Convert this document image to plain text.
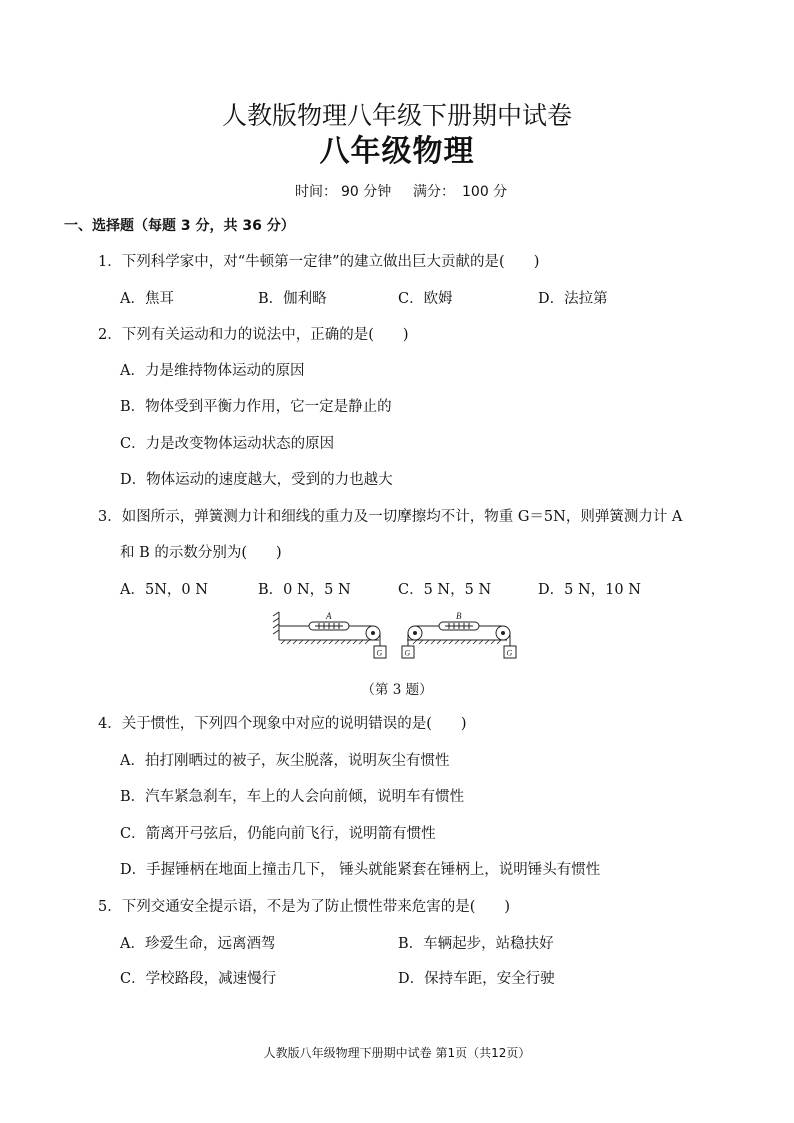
人教版物理八年级下册期中试卷
八年级物理
时间： 90 分钟 满分： 100 分
一、选择题（每题 3 分，共 36 分）
1．下列科学家中，对“牛顿第一定律”的建立做出巨大贡献的是(　　)
A．焦耳	B．伽利略	C．欧姆	D．法拉第
2．下列有关运动和力的说法中，正确的是(　　)
A．力是维持物体运动的原因
B．物体受到平衡力作用，它一定是静止的
C．力是改变物体运动状态的原因
D．物体运动的速度越大，受到的力也越大
3．如图所示，弹簧测力计和细线的重力及一切摩擦均不计，物重 G＝5N，则弹簧测力计 A
和 B 的示数分别为(　　)
A．5N，0 N	B．0 N，5 N	C．5 N，5 N	D．5 N，10 N
A	B
G	G	G
（第 3 题）
4．关于惯性，下列四个现象中对应的说明错误的是(　　)
A．拍打刚晒过的被子，灰尘脱落，说明灰尘有惯性
B．汽车紧急刹车，车上的人会向前倾，说明车有惯性
C．箭离开弓弦后，仍能向前飞行，说明箭有惯性
D．手握锤柄在地面上撞击几下， 锤头就能紧套在锤柄上，说明锤头有惯性
5．下列交通安全提示语，不是为了防止惯性带来危害的是(　　)
A．珍爱生命，远离酒驾	B．车辆起步，站稳扶好
C．学校路段，减速慢行	D．保持车距，安全行驶
人教版八年级物理下册期中试卷 第1页（共12页）
